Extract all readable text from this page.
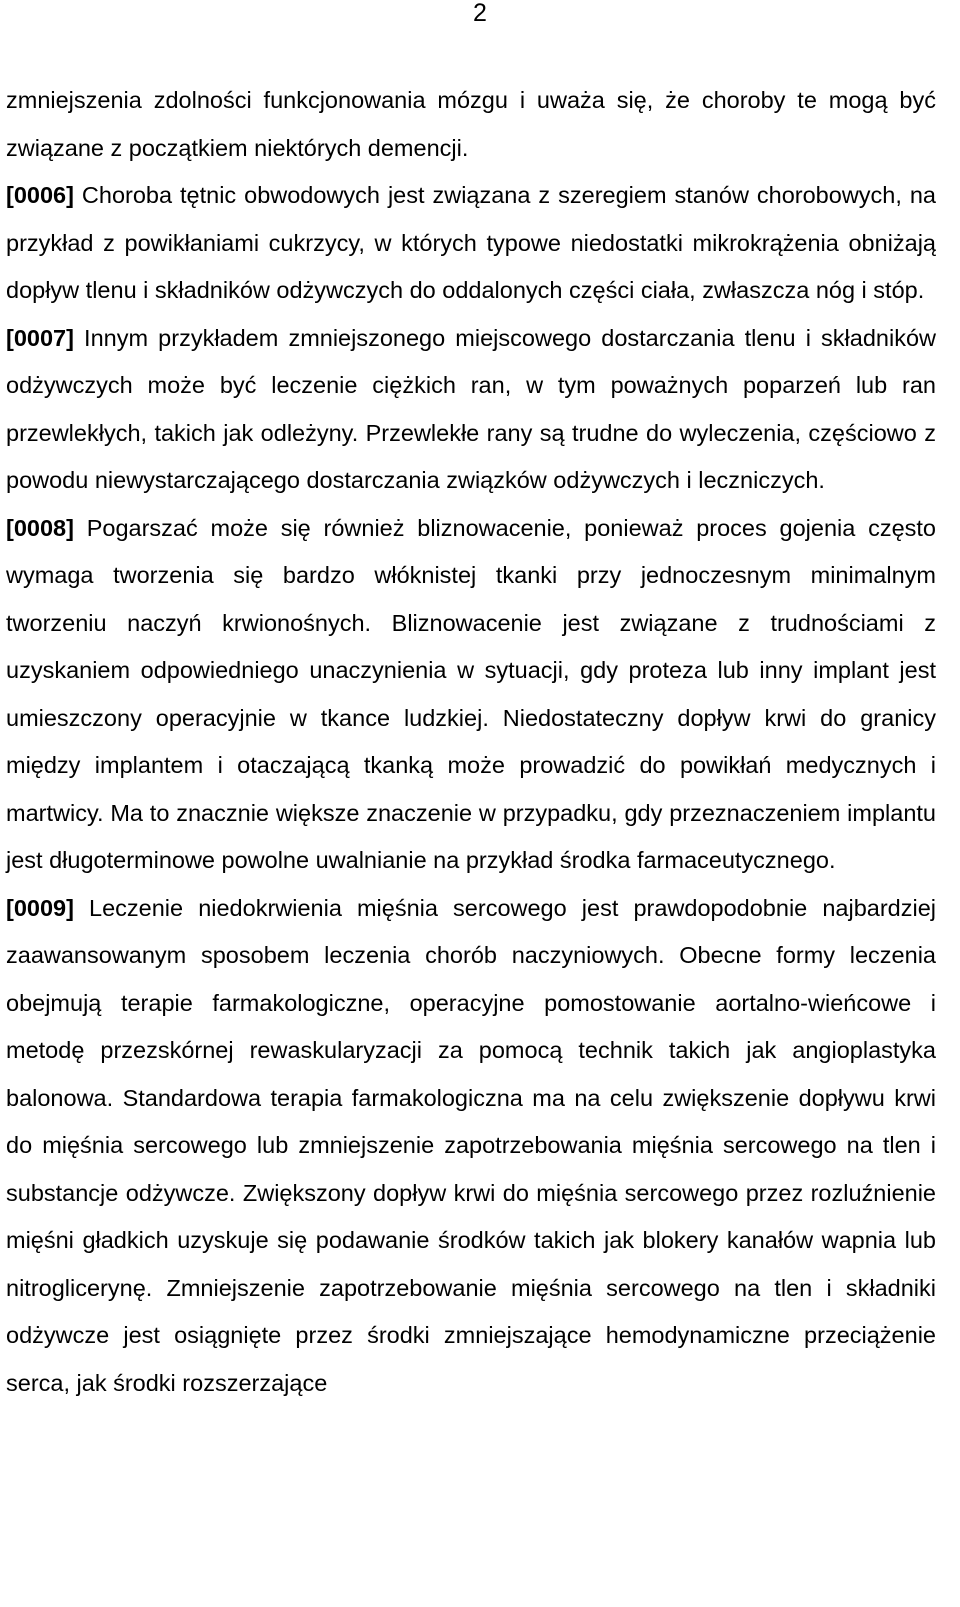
2

zmniejszenia zdolności funkcjonowania mózgu i uważa się, że choroby te mogą być związane z początkiem niektórych demencji.

[0006] Choroba tętnic obwodowych jest związana z szeregiem stanów chorobowych, na przykład z powikłaniami cukrzycy, w których typowe niedostatki mikrokrążenia obniżają dopływ tlenu i składników odżywczych do oddalonych części ciała, zwłaszcza nóg i stóp.

[0007] Innym przykładem zmniejszonego miejscowego dostarczania tlenu i składników odżywczych może być leczenie ciężkich ran, w tym poważnych poparzeń lub ran przewlekłych, takich jak odleżyny. Przewlekłe rany są trudne do wyleczenia, częściowo z powodu niewystarczającego dostarczania związków odżywczych i leczniczych.

[0008] Pogarszać może się również bliznowacenie, ponieważ proces gojenia często wymaga tworzenia się bardzo włóknistej tkanki przy jednoczesnym minimalnym tworzeniu naczyń krwionośnych. Bliznowacenie jest związane z trudnościami z uzyskaniem odpowiedniego unaczynienia w sytuacji, gdy proteza lub inny implant jest umieszczony operacyjnie w tkance ludzkiej. Niedostateczny dopływ krwi do granicy między implantem i otaczającą tkanką może prowadzić do powikłań medycznych i martwicy. Ma to znacznie większe znaczenie w przypadku, gdy przeznaczeniem implantu jest długoterminowe powolne uwalnianie na przykład środka farmaceutycznego.

[0009] Leczenie niedokrwienia mięśnia sercowego jest prawdopodobnie najbardziej zaawansowanym sposobem leczenia chorób naczyniowych. Obecne formy leczenia obejmują terapie farmakologiczne, operacyjne pomostowanie aortalno-wieńcowe i metodę przezskórnej rewaskularyzacji za pomocą technik takich jak angioplastyka balonowa. Standardowa terapia farmakologiczna ma na celu zwiększenie dopływu krwi do mięśnia sercowego lub zmniejszenie zapotrzebowania mięśnia sercowego na tlen i substancje odżywcze. Zwiększony dopływ krwi do mięśnia sercowego przez rozluźnienie mięśni gładkich uzyskuje się podawanie środków takich jak blokery kanałów wapnia lub nitroglicerynę. Zmniejszenie zapotrzebowanie mięśnia sercowego na tlen i składniki odżywcze jest osiągnięte przez środki zmniejszające hemodynamiczne przeciążenie serca, jak środki rozszerzające
